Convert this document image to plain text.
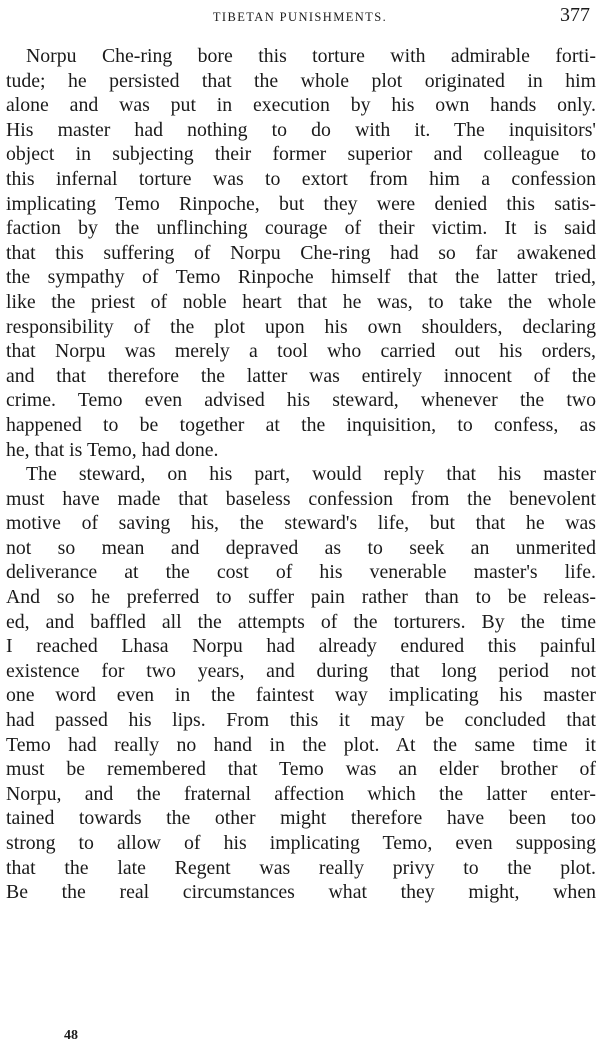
TIBETAN PUNISHMENTS.	377
Norpu Che-ring bore this torture with admirable forti-
tude; he persisted that the whole plot originated in him
alone and was put in execution by his own hands only.
His master had nothing to do with it. The inquisitors'
object in subjecting their former superior and colleague to
this infernal torture was to extort from him a confession
implicating Temo Rinpoche, but they were denied this satis-
faction by the unflinching courage of their victim. It is said
that this suffering of Norpu Che-ring had so far awakened
the sympathy of Temo Rinpoche himself that the latter tried,
like the priest of noble heart that he was, to take the whole
responsibility of the plot upon his own shoulders, declaring
that Norpu was merely a tool who carried out his orders,
and that therefore the latter was entirely innocent of the
crime. Temo even advised his steward, whenever the two
happened to be together at the inquisition, to confess, as
he, that is Temo, had done.
The steward, on his part, would reply that his master
must have made that baseless confession from the benevolent
motive of saving his, the steward's life, but that he was
not so mean and depraved as to seek an unmerited
deliverance at the cost of his venerable master's life.
And so he preferred to suffer pain rather than to be releas-
ed, and baffled all the attempts of the torturers. By the time
I reached Lhasa Norpu had already endured this painful
existence for two years, and during that long period not
one word even in the faintest way implicating his master
had passed his lips. From this it may be concluded that
Temo had really no hand in the plot. At the same time it
must be remembered that Temo was an elder brother of
Norpu, and the fraternal affection which the latter enter-
tained towards the other might therefore have been too
strong to allow of his implicating Temo, even supposing
that the late Regent was really privy to the plot.
Be the real circumstances what they might, when
48
